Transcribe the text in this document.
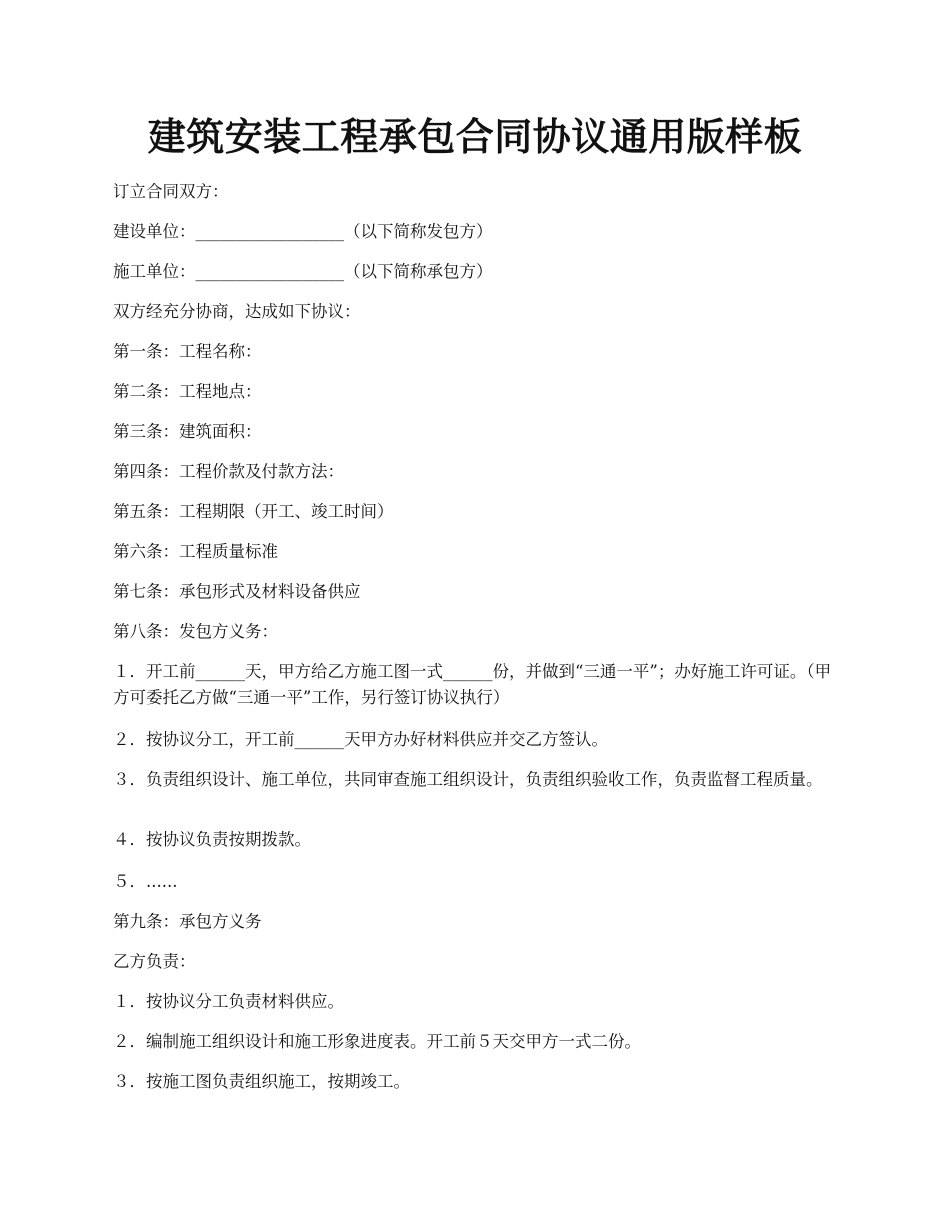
建筑安装工程承包合同协议通用版样板
订立合同双方：
建设单位：__________________（以下简称发包方）
施工单位：__________________（以下简称承包方）
双方经充分协商，达成如下协议：
第一条：工程名称：
第二条：工程地点：
第三条：建筑面积：
第四条：工程价款及付款方法：
第五条：工程期限（开工、竣工时间）
第六条：工程质量标准
第七条：承包形式及材料设备供应
第八条：发包方义务：
１．开工前______天，甲方给乙方施工图一式______份，并做到“三通一平”；办好施工许可证。（甲方可委托乙方做“三通一平”工作，另行签订协议执行）
２．按协议分工，开工前______天甲方办好材料供应并交乙方签认。
３．负责组织设计、施工单位，共同审查施工组织设计，负责组织验收工作，负责监督工程质量。
４．按协议负责按期拨款。
５．......
第九条：承包方义务
乙方负责：
１．按协议分工负责材料供应。
２．编制施工组织设计和施工形象进度表。开工前５天交甲方一式二份。
３．按施工图负责组织施工，按期竣工。
